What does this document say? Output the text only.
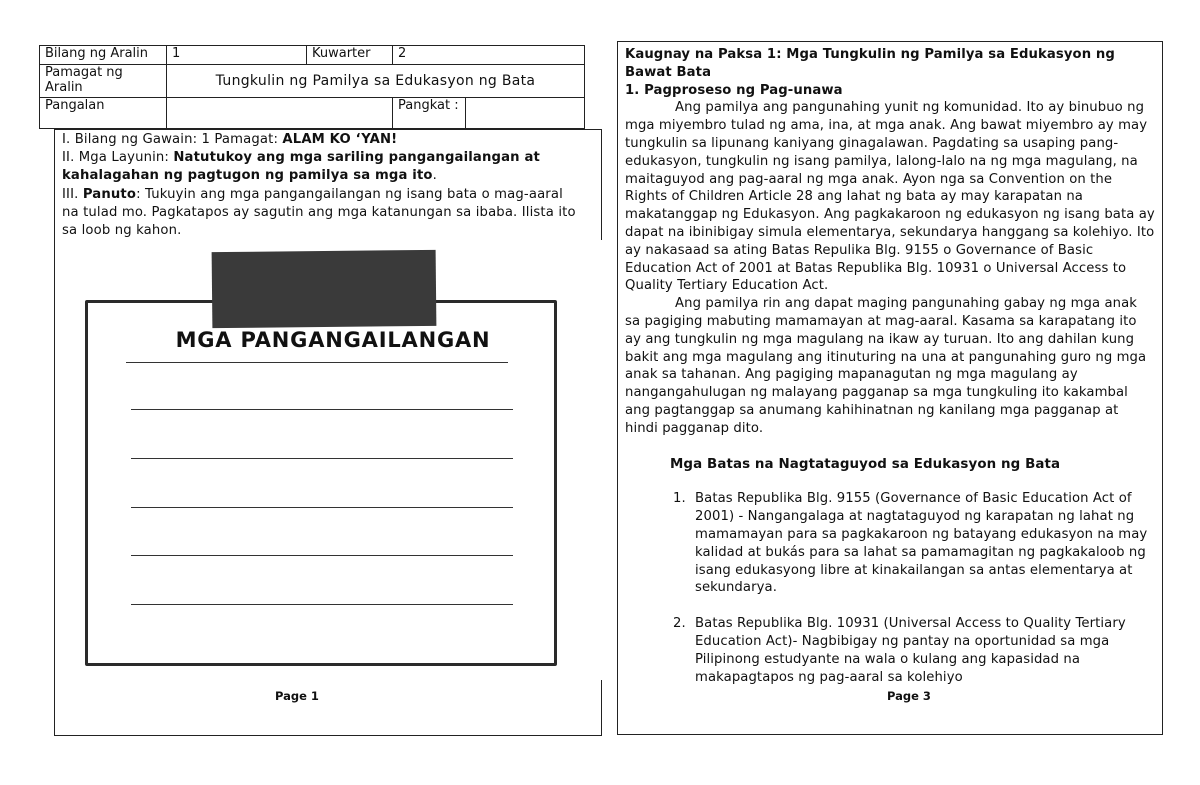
Bilang ng Aralin	1	Kuwarter	2	
Pamagat ng Aralin	Tungkulin ng Pamilya sa Edukasyon ng Bata			
Pangalan			Pangkat :	
I. Bilang ng Gawain: 1 Pamagat: ALAM KO ‘YAN!
II. Mga Layunin: Natutukoy ang mga sariling pangangailangan at kahalagahan ng pagtugon ng pamilya sa mga ito.
III. Panuto: Tukuyin ang mga pangangailangan ng isang bata o mag-aaral na tulad mo. Pagkatapos ay sagutin ang mga katanungan sa ibaba. Ilista ito sa loob ng kahon.
MGA PANGANGAILANGAN
Page 1
Kaugnay na Paksa 1: Mga Tungkulin ng Pamilya sa Edukasyon ng Bawat Bata
1. Pagproseso ng Pag-unawa

Ang pamilya ang pangunahing yunit ng komunidad. Ito ay binubuo ng mga miyembro tulad ng ama, ina, at mga anak. Ang bawat miyembro ay may tungkulin sa lipunang kaniyang ginagalawan. Pagdating sa usaping pang-edukasyon, tungkulin ng isang pamilya, lalong-lalo na ng mga magulang, na maitaguyod ang pag-aaral ng mga anak. Ayon nga sa Convention on the Rights of Children Article 28 ang lahat ng bata ay may karapatan na makatanggap ng Edukasyon. Ang pagkakaroon ng edukasyon ng isang bata ay dapat na ibinibigay simula elementarya, sekundarya hanggang sa kolehiyo. Ito ay nakasaad sa ating Batas Repulika Blg. 9155 o Governance of Basic Education Act of 2001 at Batas Republika Blg. 10931 o Universal Access to Quality Tertiary Education Act.

Ang pamilya rin ang dapat maging pangunahing gabay ng mga anak sa pagiging mabuting mamamayan at mag-aaral. Kasama sa karapatang ito ay ang tungkulin ng mga magulang na ikaw ay turuan. Ito ang dahilan kung bakit ang mga magulang ang itinuturing na una at pangunahing guro ng mga anak sa tahanan. Ang pagiging mapanagutan ng mga magulang ay nangangahulugan ng malayang pagganap sa mga tungkuling ito kakambal ang pagtanggap sa anumang kahihinatnan ng kanilang mga pagganap at hindi pagganap dito.

Mga Batas na Nagtataguyod sa Edukasyon ng Bata
1. Batas Republika Blg. 9155 (Governance of Basic Education Act of 2001) - Nangangalaga at nagtataguyod ng karapatan ng lahat ng mamamayan para sa pagkakaroon ng batayang edukasyon na may kalidad at bukás para sa lahat sa pamamagitan ng pagkakaloob ng isang edukasyong libre at kinakailangan sa antas elementarya at sekundarya.
2. Batas Republika Blg. 10931 (Universal Access to Quality Tertiary Education Act)- Nagbibigay ng pantay na oportunidad sa mga Pilipinong estudyante na wala o kulang ang kapasidad na makapagtapos ng pag-aaral sa kolehiyo
Page 3
